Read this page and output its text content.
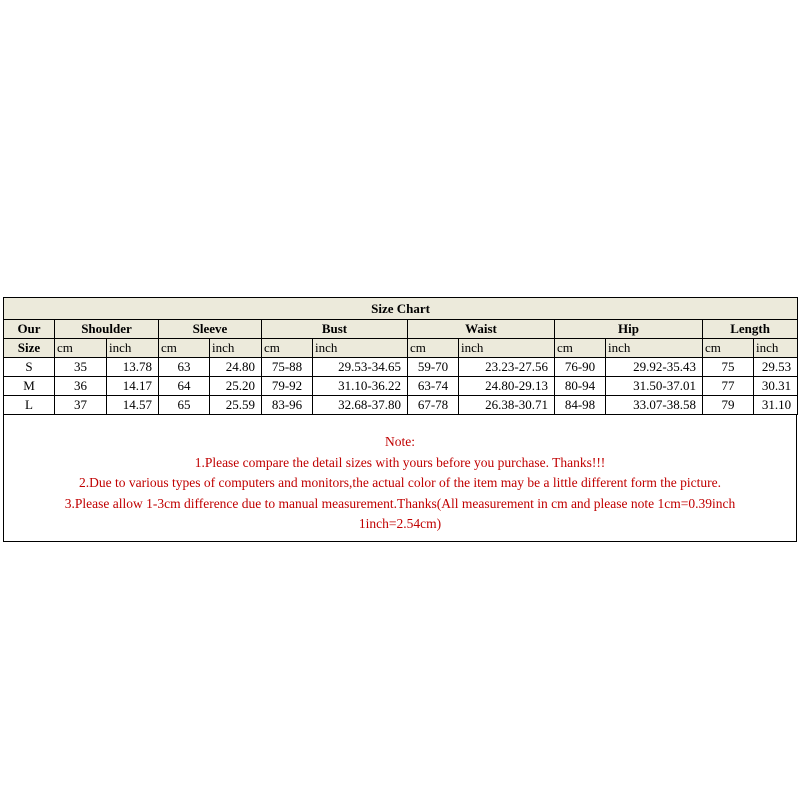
Size Chart												
Our	Shoulder		Sleeve		Bust		Waist		Hip		Length	
Size	cm	inch	cm	inch	cm	inch	cm	inch	cm	inch	cm	inch
S	35	13.78	63	24.80	75-88	29.53-34.65	59-70	23.23-27.56	76-90	29.92-35.43	75	29.53
M	36	14.17	64	25.20	79-92	31.10-36.22	63-74	24.80-29.13	80-94	31.50-37.01	77	30.31
L	37	14.57	65	25.59	83-96	32.68-37.80	67-78	26.38-30.71	84-98	33.07-38.58	79	31.10
Note:
1.Please compare the detail sizes with yours before you purchase. Thanks!!!
2.Due to various types of computers and monitors,the actual color of the item may be a little different form the picture.
3.Please allow 1-3cm difference due to manual measurement.Thanks(All measurement in cm and please note 1cm=0.39inch
1inch=2.54cm)
